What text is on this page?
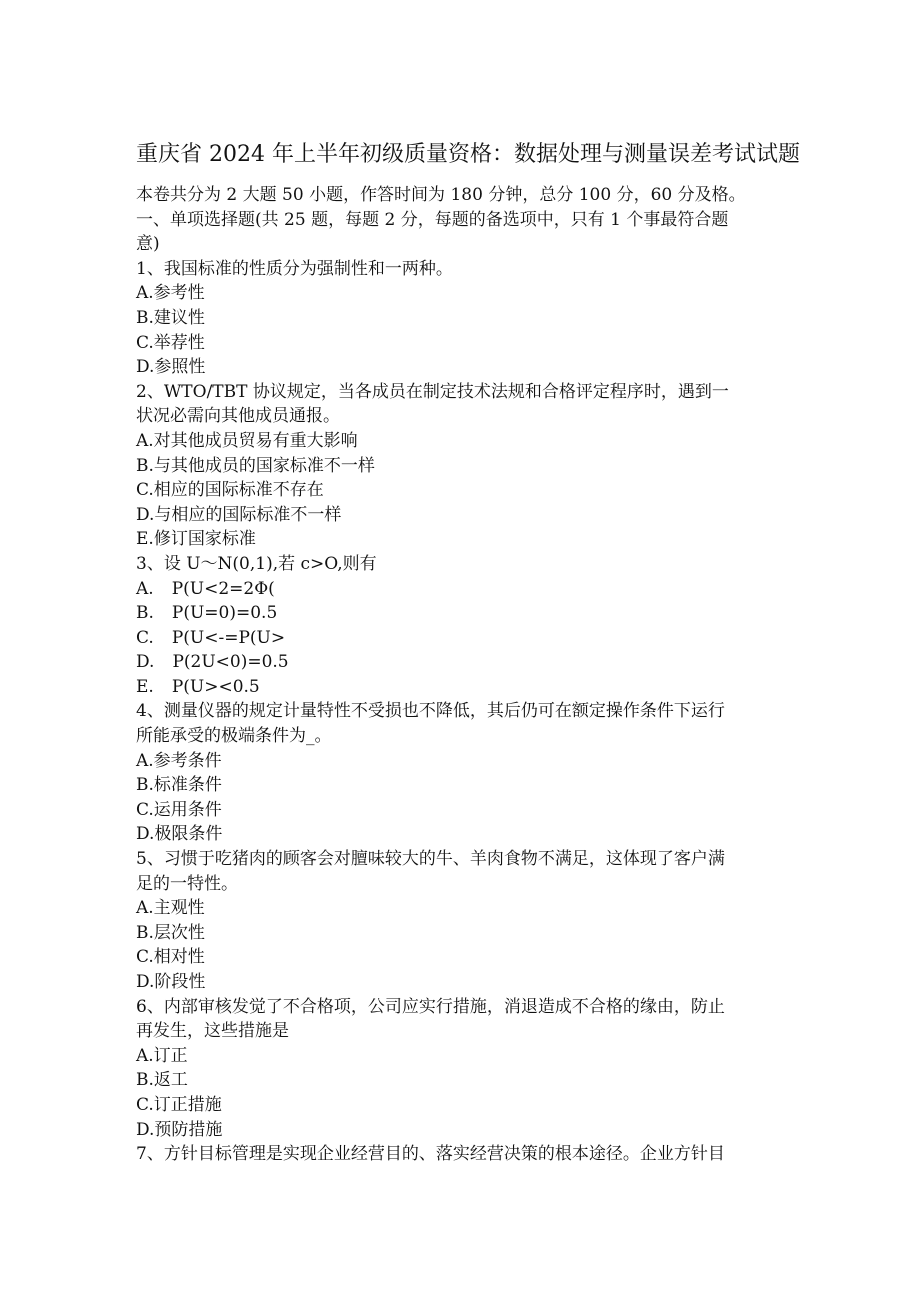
重庆省 2024 年上半年初级质量资格：数据处理与测量误差考试试题
本卷共分为 2 大题 50 小题，作答时间为 180 分钟，总分 100 分，60 分及格。
一、单项选择题(共 25 题，每题 2 分，每题的备选项中，只有 1 个事最符合题
意)
1、我国标准的性质分为强制性和一两种。
A.参考性
B.建议性
C.举荐性
D.参照性
2、WTO/TBT 协议规定，当各成员在制定技术法规和合格评定程序时，遇到一
状况必需向其他成员通报。
A.对其他成员贸易有重大影响
B.与其他成员的国家标准不一样
C.相应的国际标准不存在
D.与相应的国际标准不一样
E.修订国家标准
3、设 U～N(0,1),若 c>O,则有
A. P(U<2=2Φ(
B. P(U=0)=0.5
C. P(U<-=P(U>
D. P(2U<0)=0.5
E. P(U><0.5
4、测量仪器的规定计量特性不受损也不降低，其后仍可在额定操作条件下运行
所能承受的极端条件为_。
A.参考条件
B.标准条件
C.运用条件
D.极限条件
5、习惯于吃猪肉的顾客会对膻味较大的牛、羊肉食物不满足，这体现了客户满
足的一特性。
A.主观性
B.层次性
C.相对性
D.阶段性
6、内部审核发觉了不合格项，公司应实行措施，消退造成不合格的缘由，防止
再发生，这些措施是
A.订正
B.返工
C.订正措施
D.预防措施
7、方针目标管理是实现企业经营目的、落实经营决策的根本途径。企业方针目
